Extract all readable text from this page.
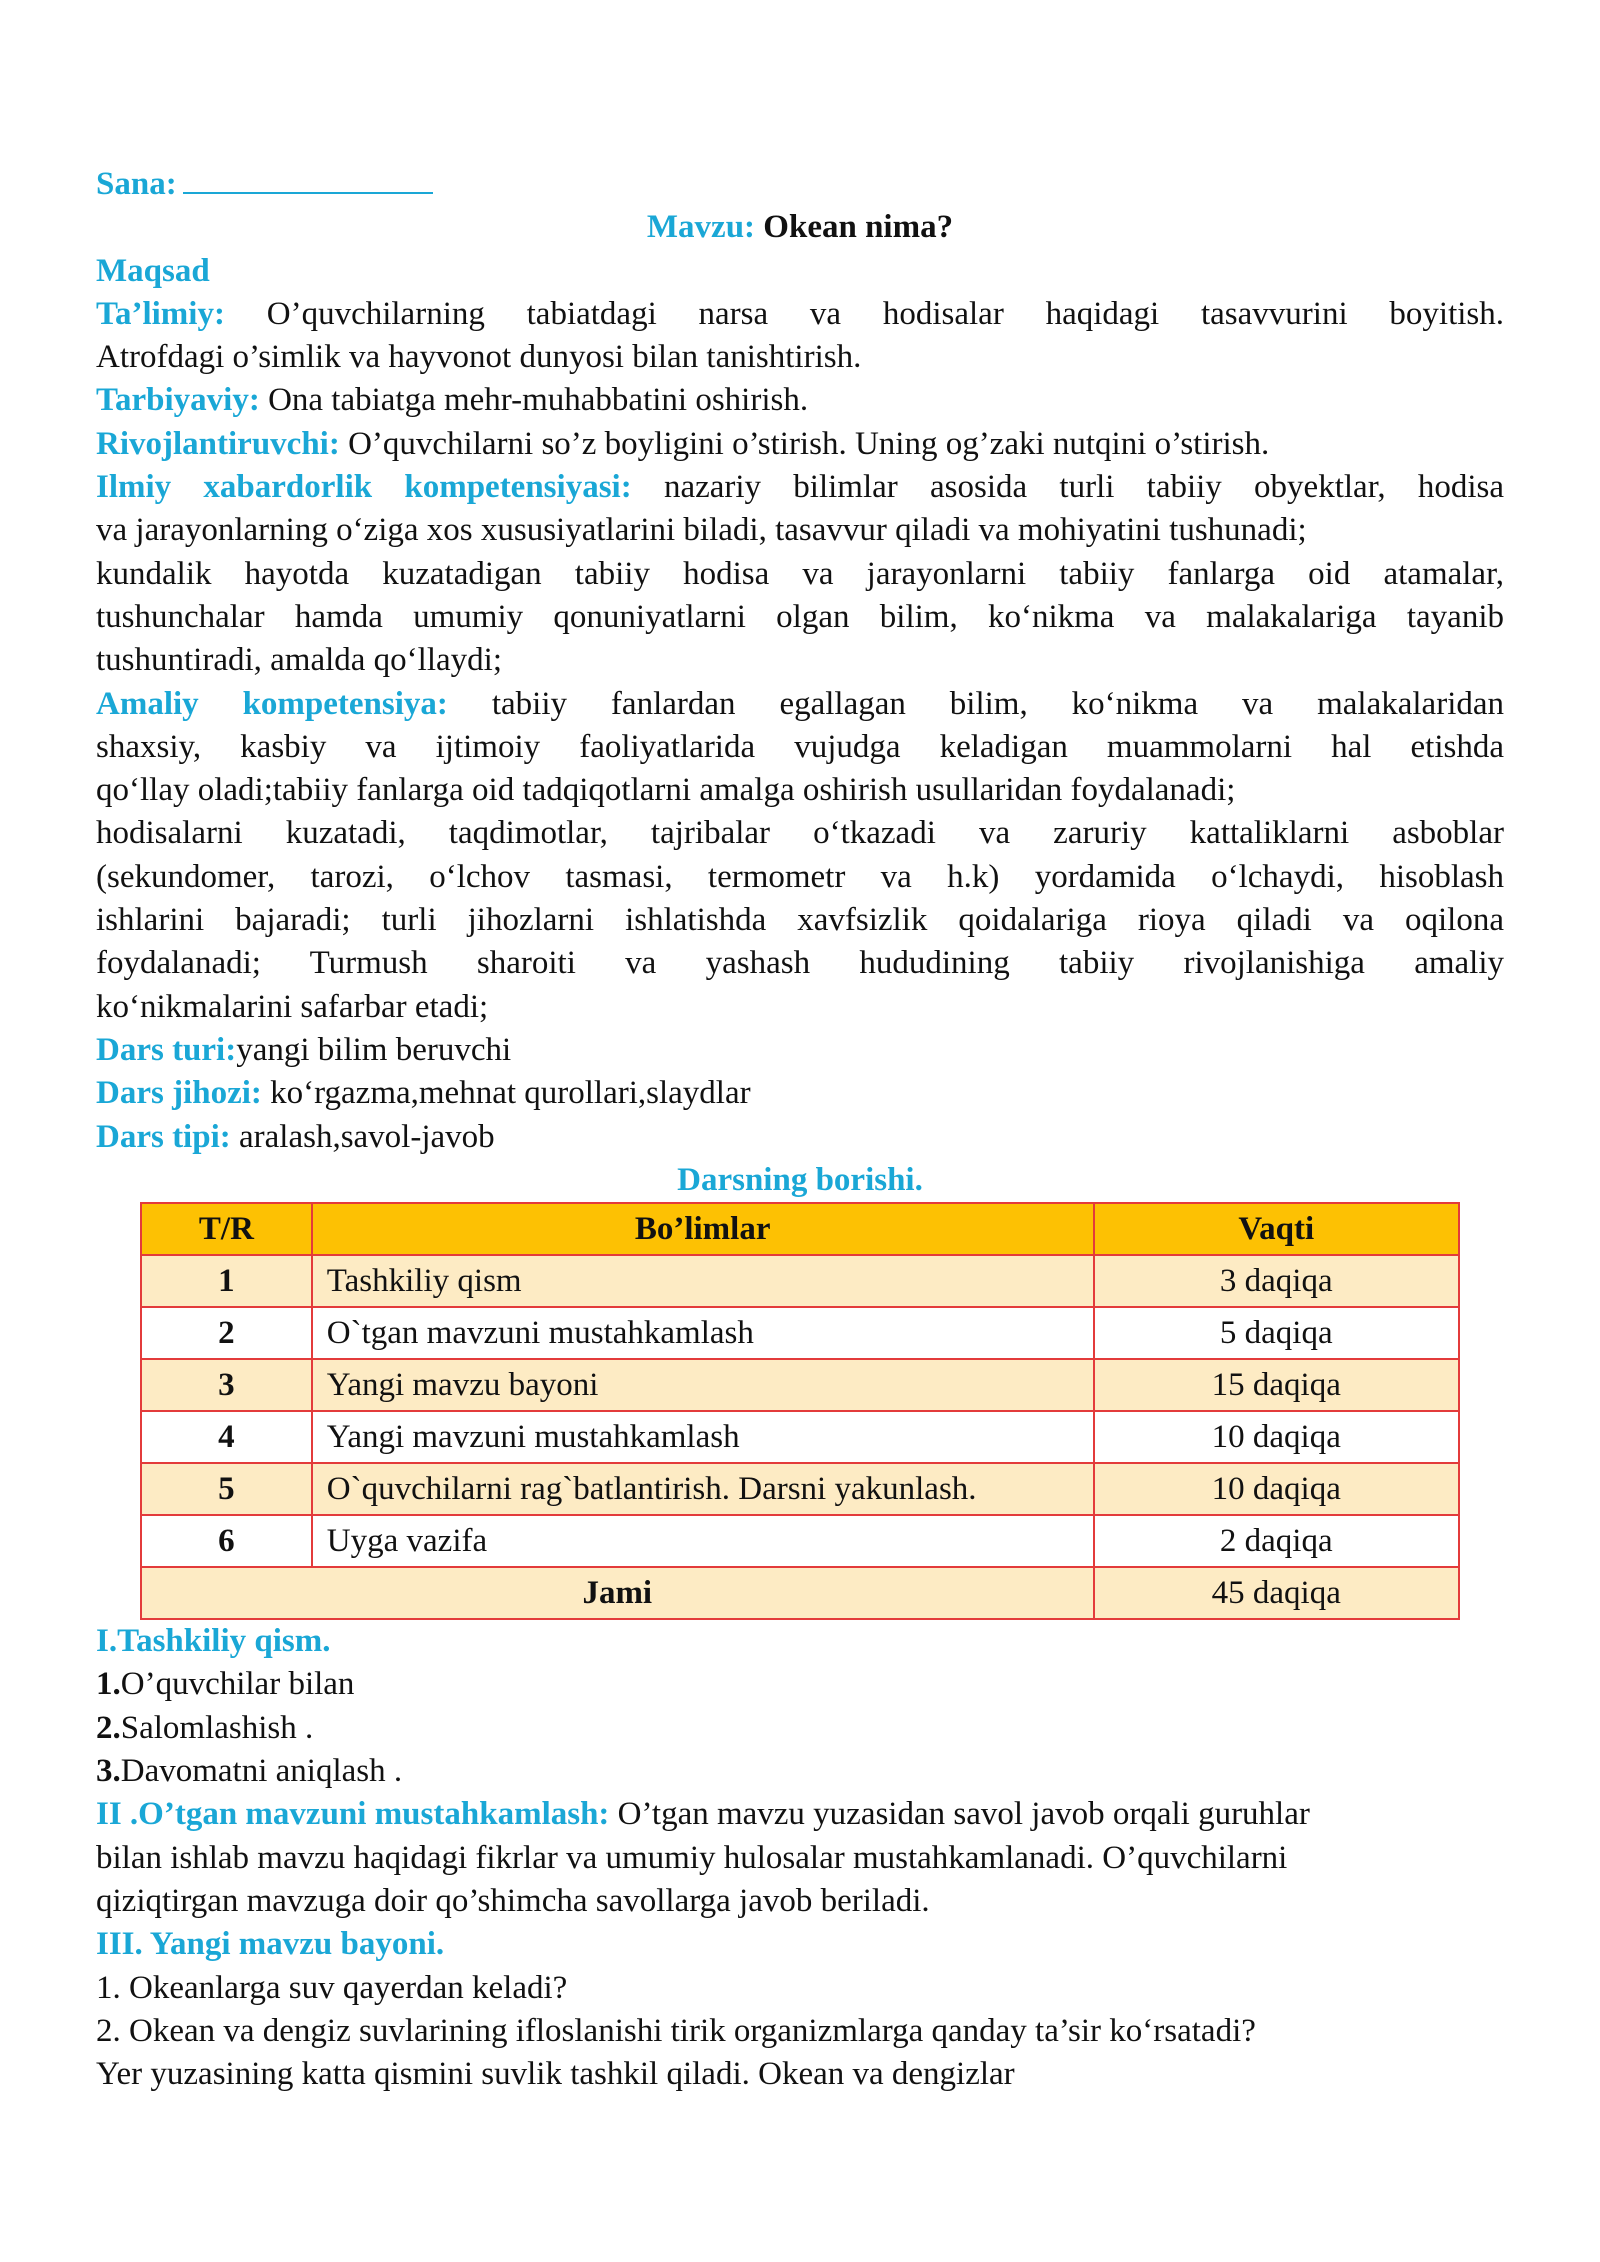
Sana:

Mavzu: Okean nima?

Maqsad

Ta’limiy: O’quvchilarning tabiatdagi narsa va hodisalar haqidagi tasavvurini boyitish.

Atrofdagi o’simlik va hayvonot dunyosi bilan tanishtirish.

Tarbiyaviy: Ona tabiatga mehr-muhabbatini oshirish.

Rivojlantiruvchi: O’quvchilarni so’z boyligini o’stirish. Uning og’zaki nutqini o’stirish.

Ilmiy xabardorlik kompetensiyasi: nazariy bilimlar asosida turli tabiiy obyektlar, hodisa

va jarayonlarning o‘ziga xos xususiyatlarini biladi, tasavvur qiladi va mohiyatini tushunadi;

kundalik hayotda kuzatadigan tabiiy hodisa va jarayonlarni tabiiy fanlarga oid atamalar,

tushunchalar hamda umumiy qonuniyatlarni olgan bilim, ko‘nikma va malakalariga tayanib

tushuntiradi, amalda qo‘llaydi;

Amaliy kompetensiya: tabiiy fanlardan egallagan bilim, ko‘nikma va malakalaridan

shaxsiy, kasbiy va ijtimoiy faoliyatlarida vujudga keladigan muammolarni hal etishda

qo‘llay oladi;tabiiy fanlarga oid tadqiqotlarni amalga oshirish usullaridan foydalanadi;

hodisalarni kuzatadi, taqdimotlar, tajribalar o‘tkazadi va zaruriy kattaliklarni asboblar

(sekundomer, tarozi, o‘lchov tasmasi, termometr va h.k) yordamida o‘lchaydi, hisoblash

ishlarini bajaradi; turli jihozlarni ishlatishda xavfsizlik qoidalariga rioya qiladi va oqilona

foydalanadi; Turmush sharoiti va yashash hududining tabiiy rivojlanishiga amaliy

ko‘nikmalarini safarbar etadi;

Dars turi:yangi bilim beruvchi

Dars jihozi: ko‘rgazma,mehnat qurollari,slaydlar

Dars tipi: aralash,savol-javob

Darsning borishi.

T/R	Bo’limlar	Vaqti
1	Tashkiliy qism	3 daqiqa
2	O`tgan mavzuni mustahkamlash	5 daqiqa
3	Yangi mavzu bayoni	15 daqiqa
4	Yangi mavzuni mustahkamlash	10 daqiqa
5	O`quvchilarni rag`batlantirish. Darsni yakunlash.	10 daqiqa
6	Uyga vazifa	2 daqiqa
Jami		45 daqiqa

I.Tashkiliy qism.

1.O’quvchilar bilan

2.Salomlashish .

3.Davomatni aniqlash .

II .O’tgan mavzuni mustahkamlash: O’tgan mavzu yuzasidan savol javob orqali guruhlar

bilan ishlab mavzu haqidagi fikrlar va umumiy hulosalar mustahkamlanadi. O’quvchilarni

qiziqtirgan mavzuga doir qo’shimcha savollarga javob beriladi.

III. Yangi mavzu bayoni.

1. Okeanlarga suv qayerdan keladi?

2. Okean va dengiz suvlarining ifloslanishi tirik organizmlarga qanday ta’sir ko‘rsatadi?

Yer yuzasining katta qismini suvlik tashkil qiladi. Okean va dengizlar
